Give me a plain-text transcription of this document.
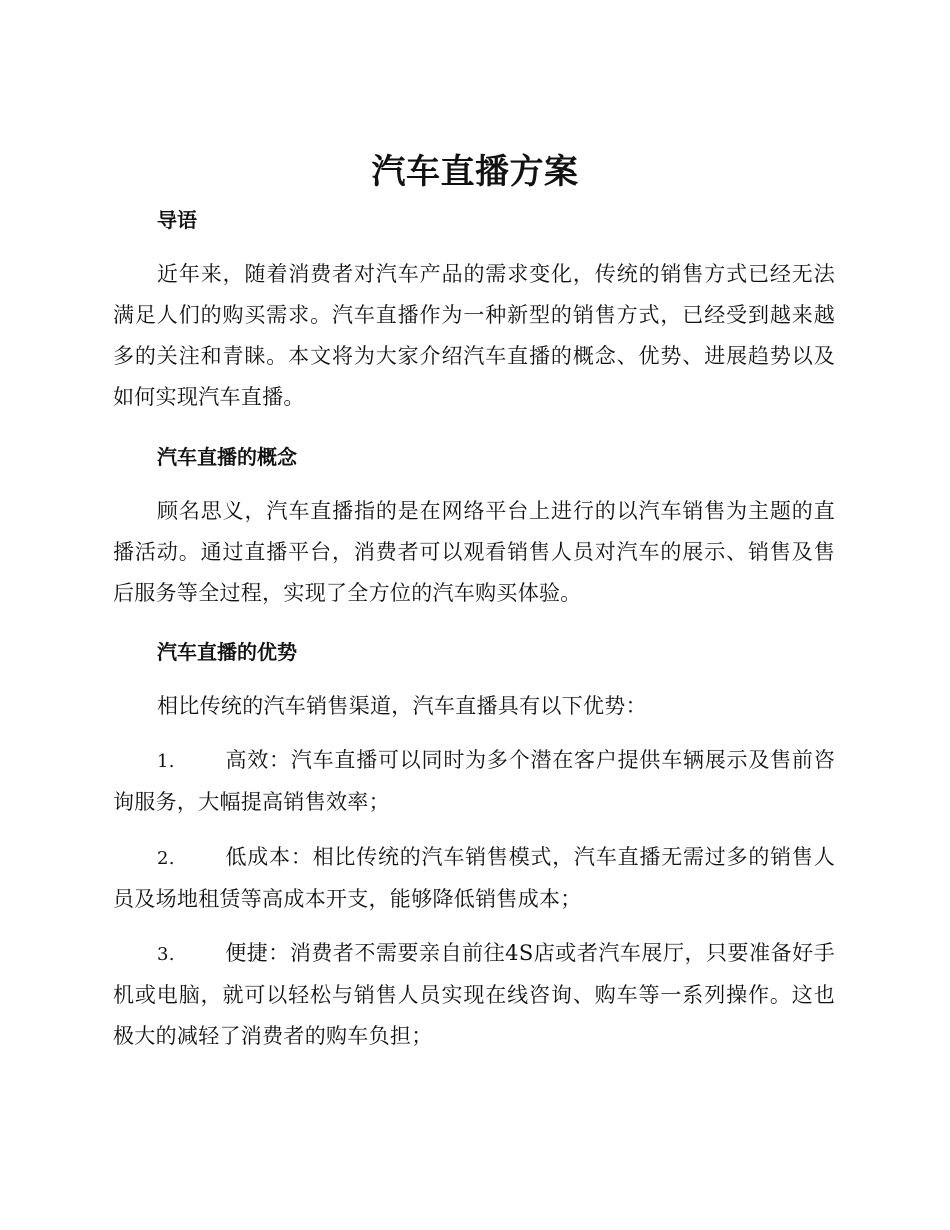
汽车直播方案
导语
近年来，随着消费者对汽车产品的需求变化，传统的销售方式已经无法满足人们的购买需求。汽车直播作为一种新型的销售方式，已经受到越来越多的关注和青睐。本文将为大家介绍汽车直播的概念、优势、进展趋势以及如何实现汽车直播。
汽车直播的概念
顾名思义，汽车直播指的是在网络平台上进行的以汽车销售为主题的直播活动。通过直播平台，消费者可以观看销售人员对汽车的展示、销售及售后服务等全过程，实现了全方位的汽车购买体验。
汽车直播的优势
相比传统的汽车销售渠道，汽车直播具有以下优势：
1. 高效：汽车直播可以同时为多个潜在客户提供车辆展示及售前咨询服务，大幅提高销售效率；
2. 低成本：相比传统的汽车销售模式，汽车直播无需过多的销售人员及场地租赁等高成本开支，能够降低销售成本；
3. 便捷：消费者不需要亲自前往4S店或者汽车展厅，只要准备好手机或电脑，就可以轻松与销售人员实现在线咨询、购车等一系列操作。这也极大的减轻了消费者的购车负担；
